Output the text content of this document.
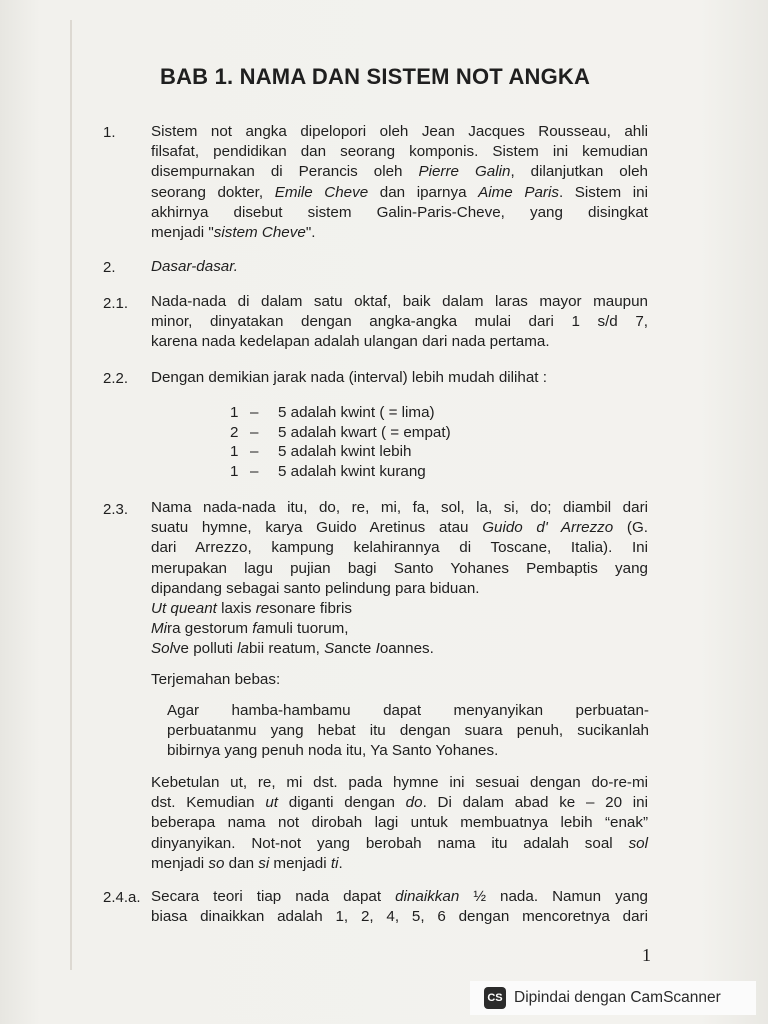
BAB 1. NAMA DAN SISTEM NOT ANGKA
1. Sistem not angka dipelopori oleh Jean Jacques Rousseau, ahli
filsafat, pendidikan dan seorang komponis. Sistem ini kemudian
disempurnakan di Perancis oleh Pierre Galin, dilanjutkan oleh
seorang dokter, Emile Cheve dan iparnya Aime Paris. Sistem ini
akhirnya disebut sistem Galin-Paris-Cheve, yang disingkat
menjadi "sistem Cheve".
2. Dasar-dasar.
2.1. Nada-nada di dalam satu oktaf, baik dalam laras mayor maupun
minor, dinyatakan dengan angka-angka mulai dari 1 s/d 7,
karena nada kedelapan adalah ulangan dari nada pertama.
2.2. Dengan demikian jarak nada (interval) lebih mudah dilihat :
1 –	5 adalah kwint ( = lima)
2 –	5 adalah kwart ( = empat)
1 –	5 adalah kwint lebih
1 –	5 adalah kwint kurang
2.3. Nama nada-nada itu, do, re, mi, fa, sol, la, si, do; diambil dari
suatu hymne, karya Guido Aretinus atau Guido d' Arrezzo (G.
dari Arrezzo, kampung kelahirannya di Toscane, Italia). Ini
merupakan lagu pujian bagi Santo Yohanes Pembaptis yang
dipandang sebagai santo pelindung para biduan.
Ut queant laxis resonare fibris
Mira gestorum famuli tuorum,
Solve polluti labii reatum, Sancte Ioannes.
Terjemahan bebas:
Agar hamba-hambamu dapat menyanyikan perbuatan-
perbuatanmu yang hebat itu dengan suara penuh, sucikanlah
bibirnya yang penuh noda itu, Ya Santo Yohanes.
Kebetulan ut, re, mi dst. pada hymne ini sesuai dengan do-re-mi
dst. Kemudian ut diganti dengan do. Di dalam abad ke – 20 ini
beberapa nama not dirobah lagi untuk membuatnya lebih “enak”
dinyanyikan. Not-not yang berobah nama itu adalah soal sol
menjadi so dan si menjadi ti.
2.4.a. Secara teori tiap nada dapat dinaikkan ½ nada. Namun yang
biasa dinaikkan adalah 1, 2, 4, 5, 6 dengan mencoretnya dari
1
CS Dipindai dengan CamScanner
